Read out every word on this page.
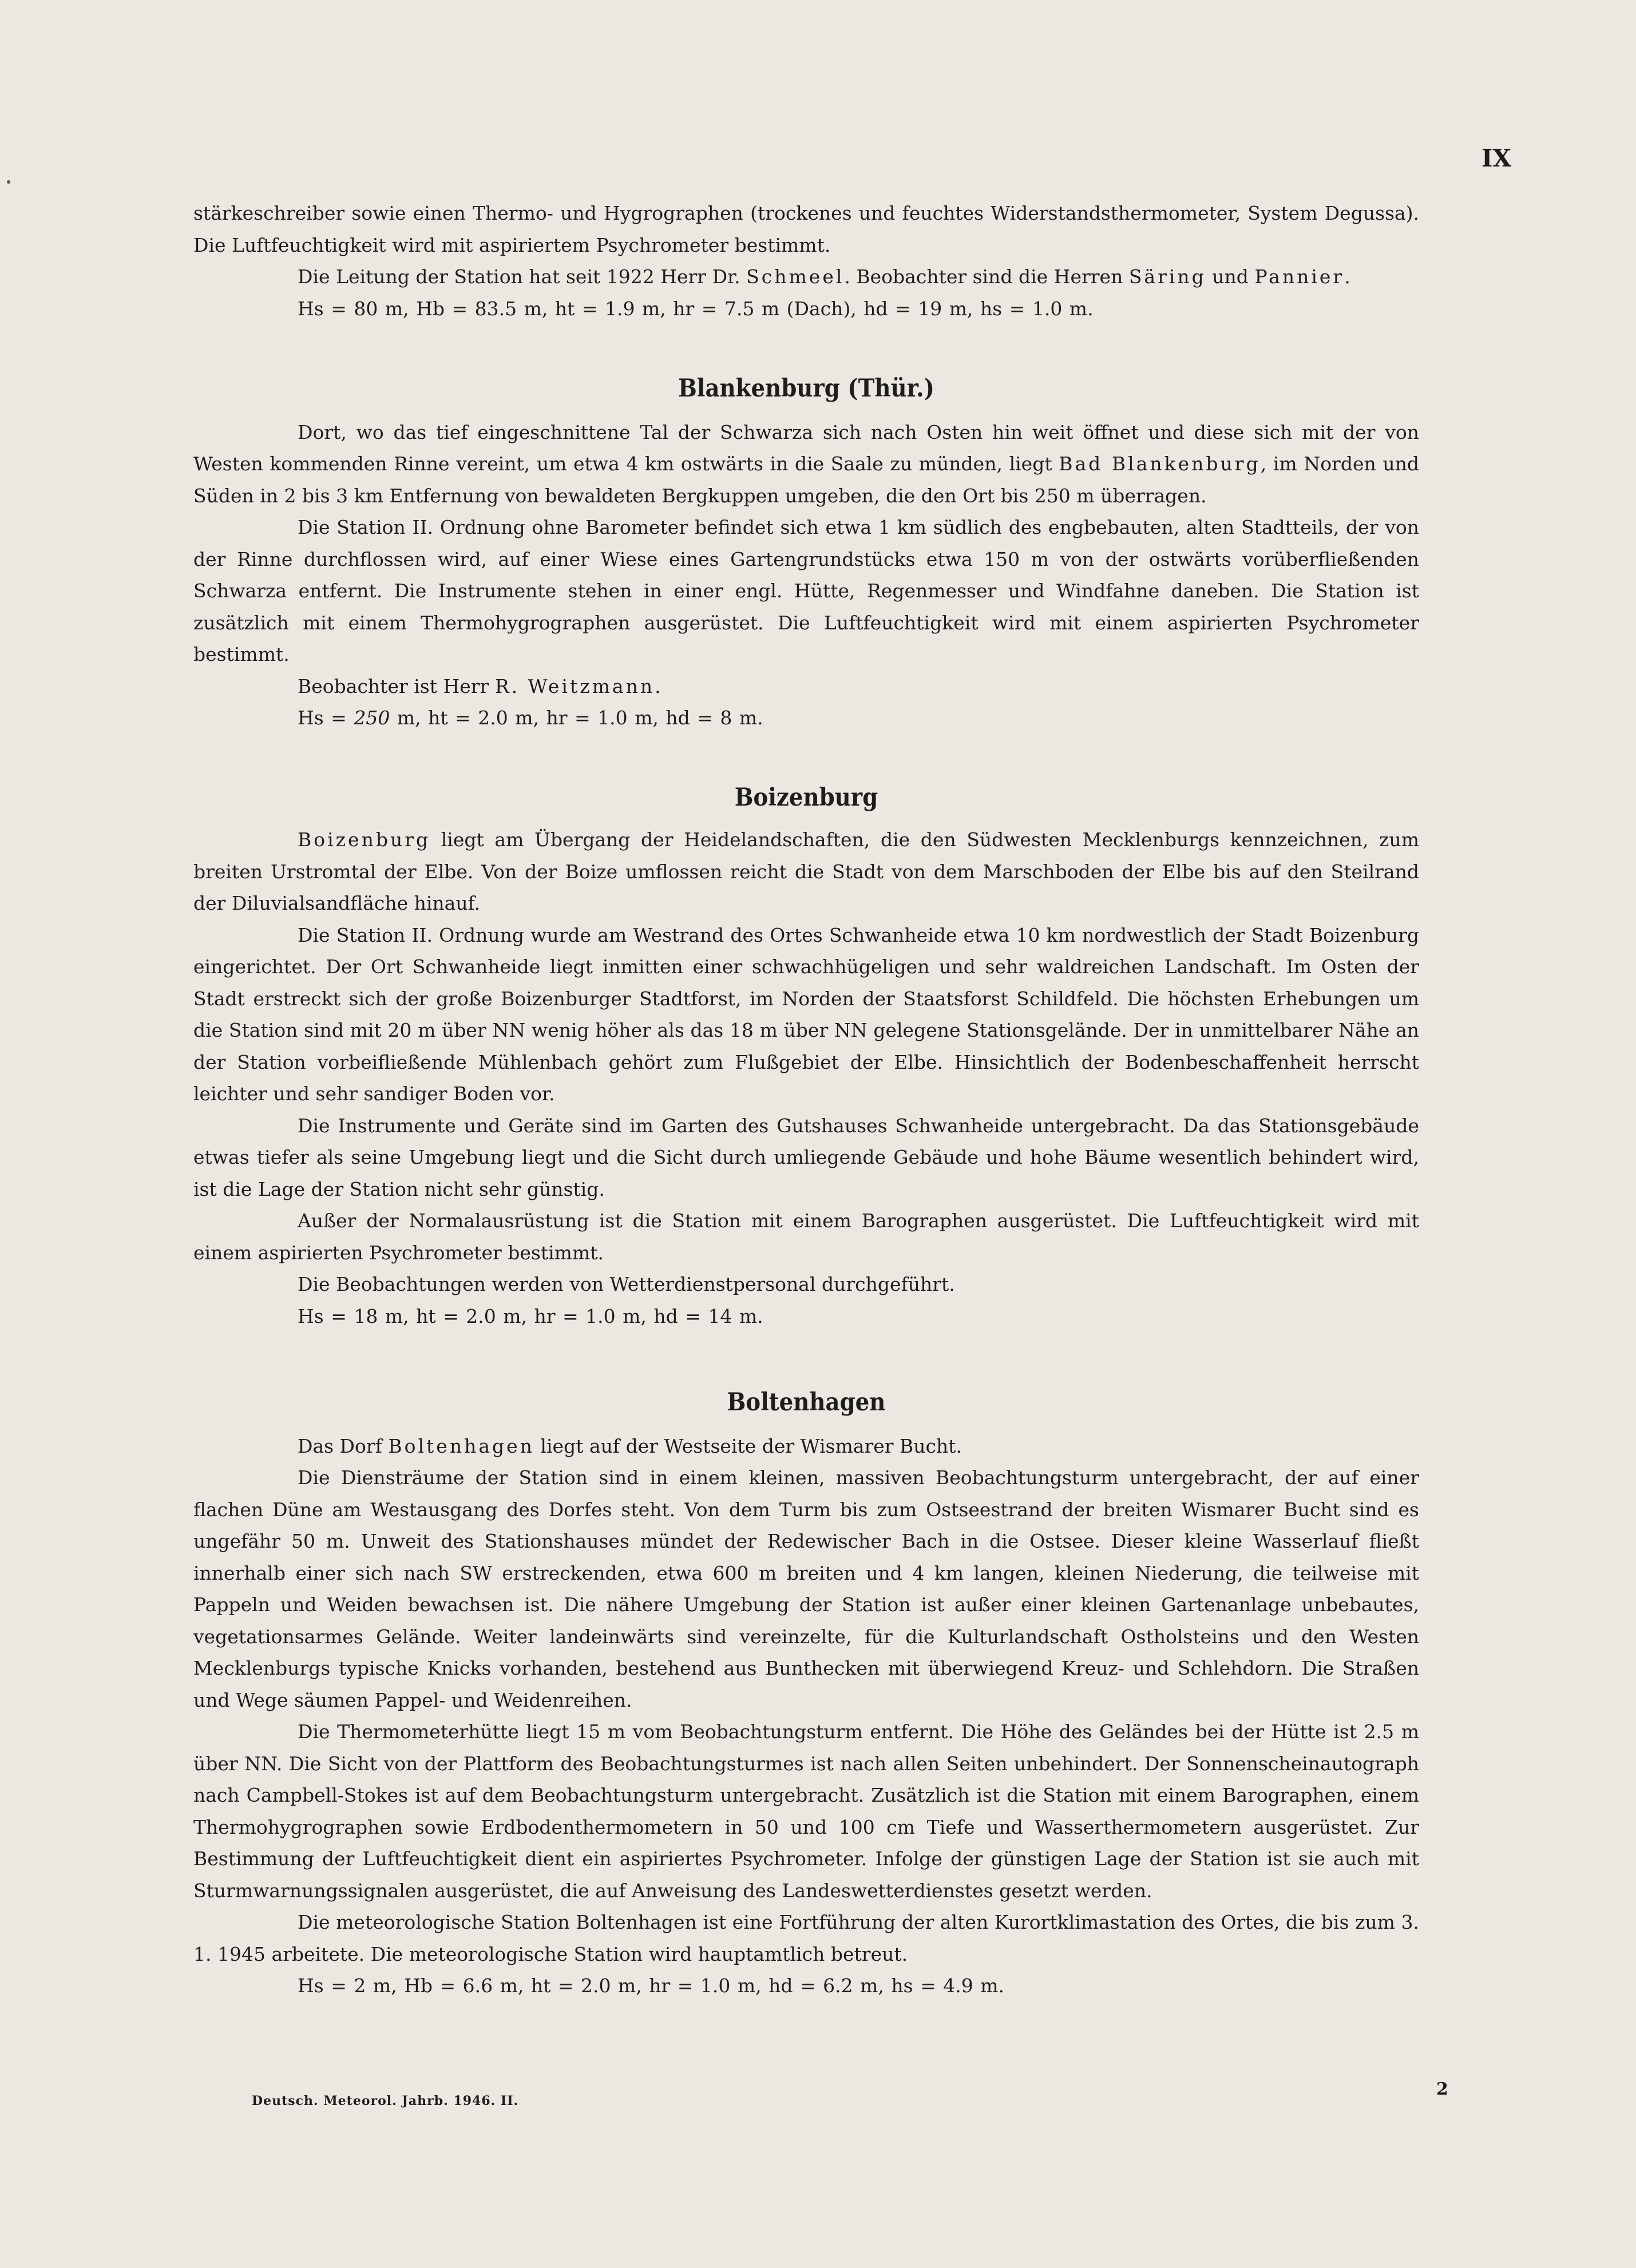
IX

stärkeschreiber sowie einen Thermo- und Hygrographen (trockenes und feuchtes Widerstandsthermometer, System Degussa). Die Luftfeuchtigkeit wird mit aspiriertem Psychrometer bestimmt.

Die Leitung der Station hat seit 1922 Herr Dr. Schmeel. Beobachter sind die Herren Säring und Pannier.

Hs = 80 m, Hb = 83.5 m, ht = 1.9 m, hr = 7.5 m (Dach), hd = 19 m, hs = 1.0 m.

Blankenburg (Thür.)

Dort, wo das tief eingeschnittene Tal der Schwarza sich nach Osten hin weit öffnet und diese sich mit der von Westen kommenden Rinne vereint, um etwa 4 km ostwärts in die Saale zu münden, liegt Bad Blankenburg, im Norden und Süden in 2 bis 3 km Entfernung von bewaldeten Bergkuppen umgeben, die den Ort bis 250 m überragen.

Die Station II. Ordnung ohne Barometer befindet sich etwa 1 km südlich des engbebauten, alten Stadtteils, der von der Rinne durchflossen wird, auf einer Wiese eines Gartengrundstücks etwa 150 m von der ostwärts vorüberfließenden Schwarza entfernt. Die Instrumente stehen in einer engl. Hütte, Regenmesser und Windfahne daneben. Die Station ist zusätzlich mit einem Thermohygrographen ausgerüstet. Die Luftfeuchtigkeit wird mit einem aspirierten Psychrometer bestimmt.

Beobachter ist Herr R. Weitzmann.

Hs = 250 m, ht = 2.0 m, hr = 1.0 m, hd = 8 m.

Boizenburg

Boizenburg liegt am Übergang der Heidelandschaften, die den Südwesten Mecklenburgs kennzeichnen, zum breiten Urstromtal der Elbe. Von der Boize umflossen reicht die Stadt von dem Marschboden der Elbe bis auf den Steilrand der Diluvialsandfläche hinauf.

Die Station II. Ordnung wurde am Westrand des Ortes Schwanheide etwa 10 km nordwestlich der Stadt Boizenburg eingerichtet. Der Ort Schwanheide liegt inmitten einer schwachhügeligen und sehr waldreichen Landschaft. Im Osten der Stadt erstreckt sich der große Boizenburger Stadtforst, im Norden der Staatsforst Schildfeld. Die höchsten Erhebungen um die Station sind mit 20 m über NN wenig höher als das 18 m über NN gelegene Stationsgelände. Der in unmittelbarer Nähe an der Station vorbeifließende Mühlenbach gehört zum Flußgebiet der Elbe. Hinsichtlich der Bodenbeschaffenheit herrscht leichter und sehr sandiger Boden vor.

Die Instrumente und Geräte sind im Garten des Gutshauses Schwanheide untergebracht. Da das Stationsgebäude etwas tiefer als seine Umgebung liegt und die Sicht durch umliegende Gebäude und hohe Bäume wesentlich behindert wird, ist die Lage der Station nicht sehr günstig.

Außer der Normalausrüstung ist die Station mit einem Barographen ausgerüstet. Die Luftfeuchtigkeit wird mit einem aspirierten Psychrometer bestimmt.

Die Beobachtungen werden von Wetterdienstpersonal durchgeführt.

Hs = 18 m, ht = 2.0 m, hr = 1.0 m, hd = 14 m.

Boltenhagen

Das Dorf Boltenhagen liegt auf der Westseite der Wismarer Bucht.

Die Diensträume der Station sind in einem kleinen, massiven Beobachtungsturm untergebracht, der auf einer flachen Düne am Westausgang des Dorfes steht. Von dem Turm bis zum Ostseestrand der breiten Wismarer Bucht sind es ungefähr 50 m. Unweit des Stationshauses mündet der Redewischer Bach in die Ostsee. Dieser kleine Wasserlauf fließt innerhalb einer sich nach SW erstreckenden, etwa 600 m breiten und 4 km langen, kleinen Niederung, die teilweise mit Pappeln und Weiden bewachsen ist. Die nähere Umgebung der Station ist außer einer kleinen Gartenanlage unbebautes, vegetationsarmes Gelände. Weiter landeinwärts sind vereinzelte, für die Kulturlandschaft Ostholsteins und den Westen Mecklenburgs typische Knicks vorhanden, bestehend aus Bunthecken mit überwiegend Kreuz- und Schlehdorn. Die Straßen und Wege säumen Pappel- und Weidenreihen.

Die Thermometerhütte liegt 15 m vom Beobachtungsturm entfernt. Die Höhe des Geländes bei der Hütte ist 2.5 m über NN. Die Sicht von der Plattform des Beobachtungsturmes ist nach allen Seiten unbehindert. Der Sonnenscheinautograph nach Campbell-Stokes ist auf dem Beobachtungsturm untergebracht. Zusätzlich ist die Station mit einem Barographen, einem Thermohygrographen sowie Erdbodenthermometern in 50 und 100 cm Tiefe und Wasserthermometern ausgerüstet. Zur Bestimmung der Luftfeuchtigkeit dient ein aspiriertes Psychrometer. Infolge der günstigen Lage der Station ist sie auch mit Sturmwarnungssignalen ausgerüstet, die auf Anweisung des Landeswetterdienstes gesetzt werden.

Die meteorologische Station Boltenhagen ist eine Fortführung der alten Kurortklimastation des Ortes, die bis zum 3. 1. 1945 arbeitete. Die meteorologische Station wird hauptamtlich betreut.

Hs = 2 m, Hb = 6.6 m, ht = 2.0 m, hr = 1.0 m, hd = 6.2 m, hs = 4.9 m.

Deutsch. Meteorol. Jahrb. 1946. II.
2
